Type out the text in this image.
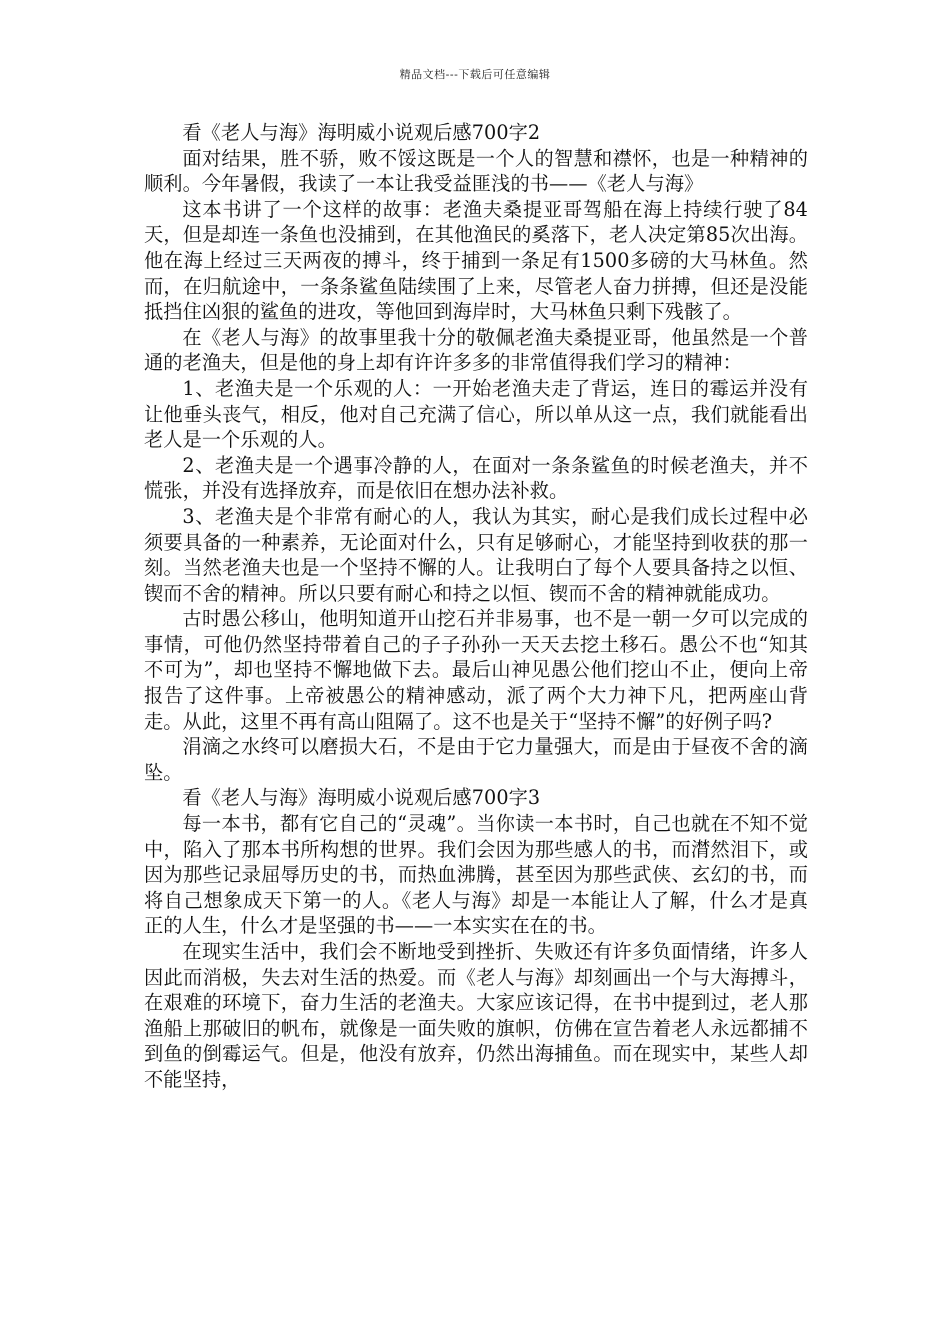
精品文档---下载后可任意编辑

看《老人与海》海明威小说观后感700字2

面对结果，胜不骄，败不馁这既是一个人的智慧和襟怀，也是一种精神的顺利。今年暑假，我读了一本让我受益匪浅的书——《老人与海》

这本书讲了一个这样的故事：老渔夫桑提亚哥驾船在海上持续行驶了84天，但是却连一条鱼也没捕到，在其他渔民的奚落下，老人决定第85次出海。他在海上经过三天两夜的搏斗，终于捕到一条足有1500多磅的大马林鱼。然而，在归航途中，一条条鲨鱼陆续围了上来，尽管老人奋力拼搏，但还是没能抵挡住凶狠的鲨鱼的进攻，等他回到海岸时，大马林鱼只剩下残骸了。

在《老人与海》的故事里我十分的敬佩老渔夫桑提亚哥，他虽然是一个普通的老渔夫，但是他的身上却有许许多多的非常值得我们学习的精神：

1、老渔夫是一个乐观的人：一开始老渔夫走了背运，连日的霉运并没有让他垂头丧气，相反，他对自己充满了信心，所以单从这一点，我们就能看出老人是一个乐观的人。

2、老渔夫是一个遇事冷静的人，在面对一条条鲨鱼的时候老渔夫，并不慌张，并没有选择放弃，而是依旧在想办法补救。

3、老渔夫是个非常有耐心的人，我认为其实，耐心是我们成长过程中必须要具备的一种素养，无论面对什么，只有足够耐心，才能坚持到收获的那一刻。当然老渔夫也是一个坚持不懈的人。让我明白了每个人要具备持之以恒、锲而不舍的精神。所以只要有耐心和持之以恒、锲而不舍的精神就能成功。

古时愚公移山，他明知道开山挖石并非易事，也不是一朝一夕可以完成的事情，可他仍然坚持带着自己的子子孙孙一天天去挖土移石。愚公不也“知其不可为”，却也坚持不懈地做下去。最后山神见愚公他们挖山不止，便向上帝报告了这件事。上帝被愚公的精神感动，派了两个大力神下凡，把两座山背走。从此，这里不再有高山阻隔了。这不也是关于“坚持不懈”的好例子吗?

涓滴之水终可以磨损大石，不是由于它力量强大，而是由于昼夜不舍的滴坠。

看《老人与海》海明威小说观后感700字3

每一本书，都有它自己的“灵魂”。当你读一本书时，自己也就在不知不觉中，陷入了那本书所构想的世界。我们会因为那些感人的书，而潸然泪下，或因为那些记录屈辱历史的书，而热血沸腾，甚至因为那些武侠、玄幻的书，而将自己想象成天下第一的人。《老人与海》却是一本能让人了解，什么才是真正的人生，什么才是坚强的书——一本实实在在的书。

在现实生活中，我们会不断地受到挫折、失败还有许多负面情绪，许多人因此而消极，失去对生活的热爱。而《老人与海》却刻画出一个与大海搏斗，在艰难的环境下，奋力生活的老渔夫。大家应该记得，在书中提到过，老人那渔船上那破旧的帆布，就像是一面失败的旗帜，仿佛在宣告着老人永远都捕不到鱼的倒霉运气。但是，他没有放弃，仍然出海捕鱼。而在现实中，某些人却不能坚持，
